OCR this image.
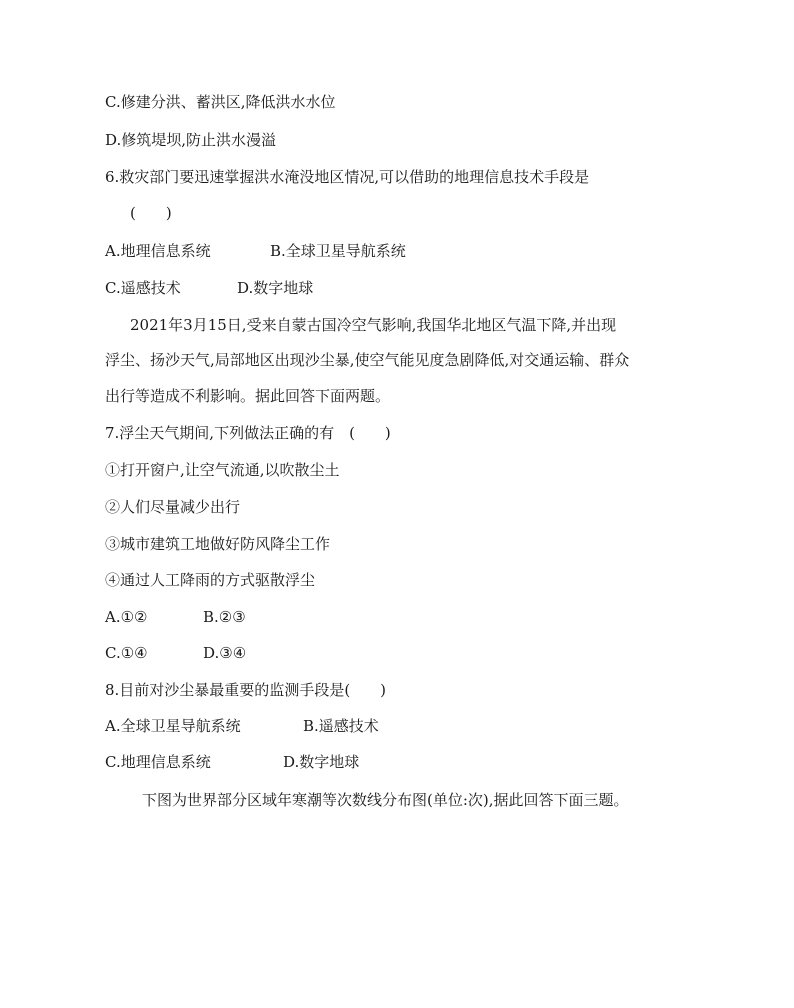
C.修建分洪、蓄洪区,降低洪水水位
D.修筑堤坝,防止洪水漫溢
6.救灾部门要迅速掌握洪水淹没地区情况,可以借助的地理信息技术手段是
(　　)
A.地理信息系统	B.全球卫星导航系统
C.遥感技术	D.数字地球
2021年3月15日,受来自蒙古国冷空气影响,我国华北地区气温下降,并出现
浮尘、扬沙天气,局部地区出现沙尘暴,使空气能见度急剧降低,对交通运输、群众
出行等造成不利影响。据此回答下面两题。
7.浮尘天气期间,下列做法正确的有　(　　)
①打开窗户,让空气流通,以吹散尘土
②人们尽量减少出行
③城市建筑工地做好防风降尘工作
④通过人工降雨的方式驱散浮尘
A.①②	B.②③
C.①④	D.③④
8.目前对沙尘暴最重要的监测手段是(　　)
A.全球卫星导航系统	B.遥感技术
C.地理信息系统	D.数字地球
下图为世界部分区域年寒潮等次数线分布图(单位:次),据此回答下面三题。
